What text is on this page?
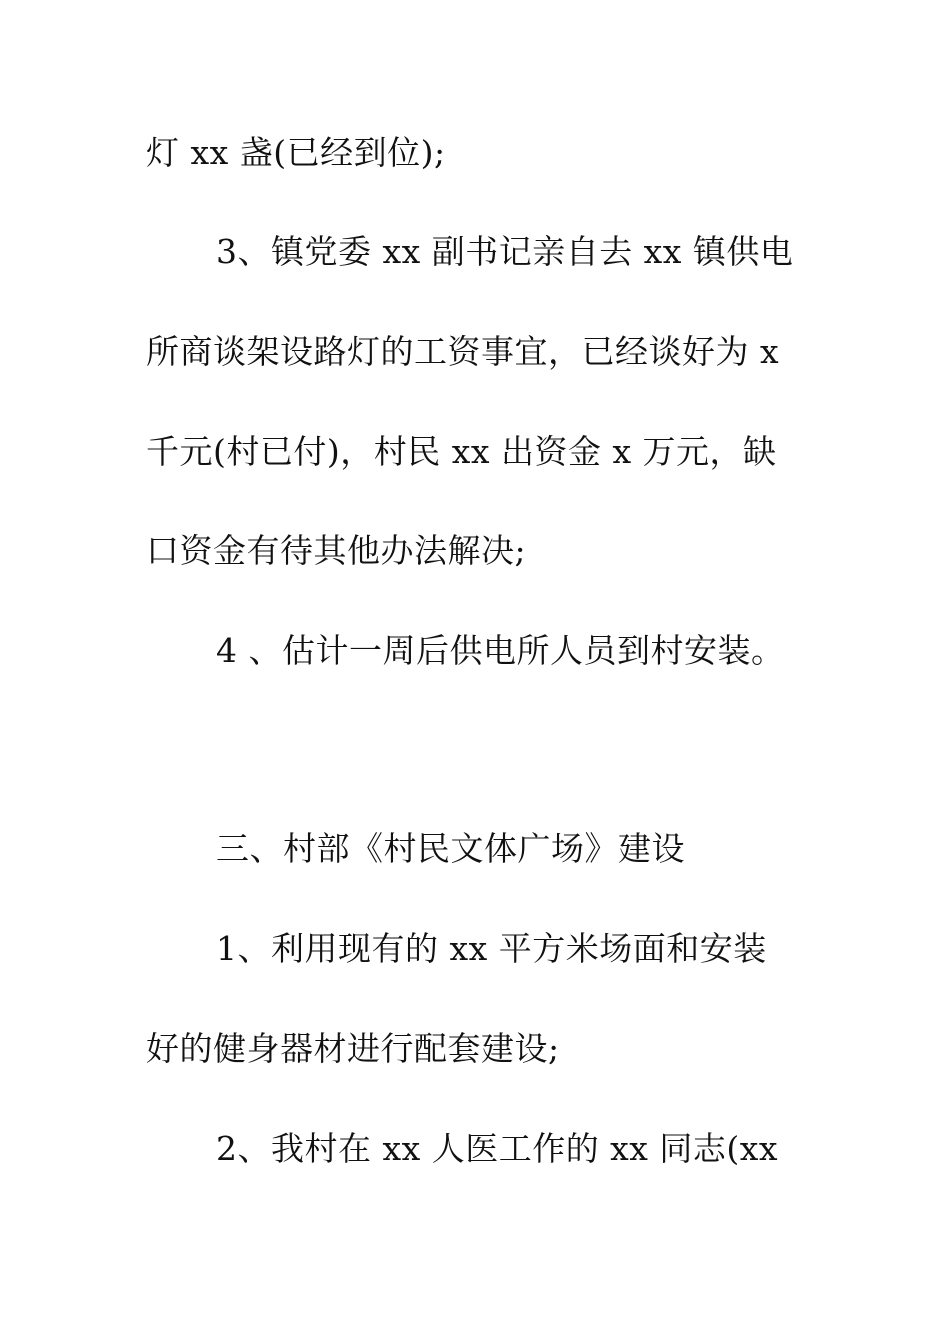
灯 xx 盏(已经到位);
3、镇党委 xx 副书记亲自去 xx 镇供电
所商谈架设路灯的工资事宜，已经谈好为 x
千元(村已付)，村民 xx 出资金 x 万元，缺
口资金有待其他办法解决;
4 、估计一周后供电所人员到村安装。
三、村部《村民文体广场》建设
1、利用现有的 xx 平方米场面和安装
好的健身器材进行配套建设;
2、我村在 xx 人医工作的 xx 同志(xx
